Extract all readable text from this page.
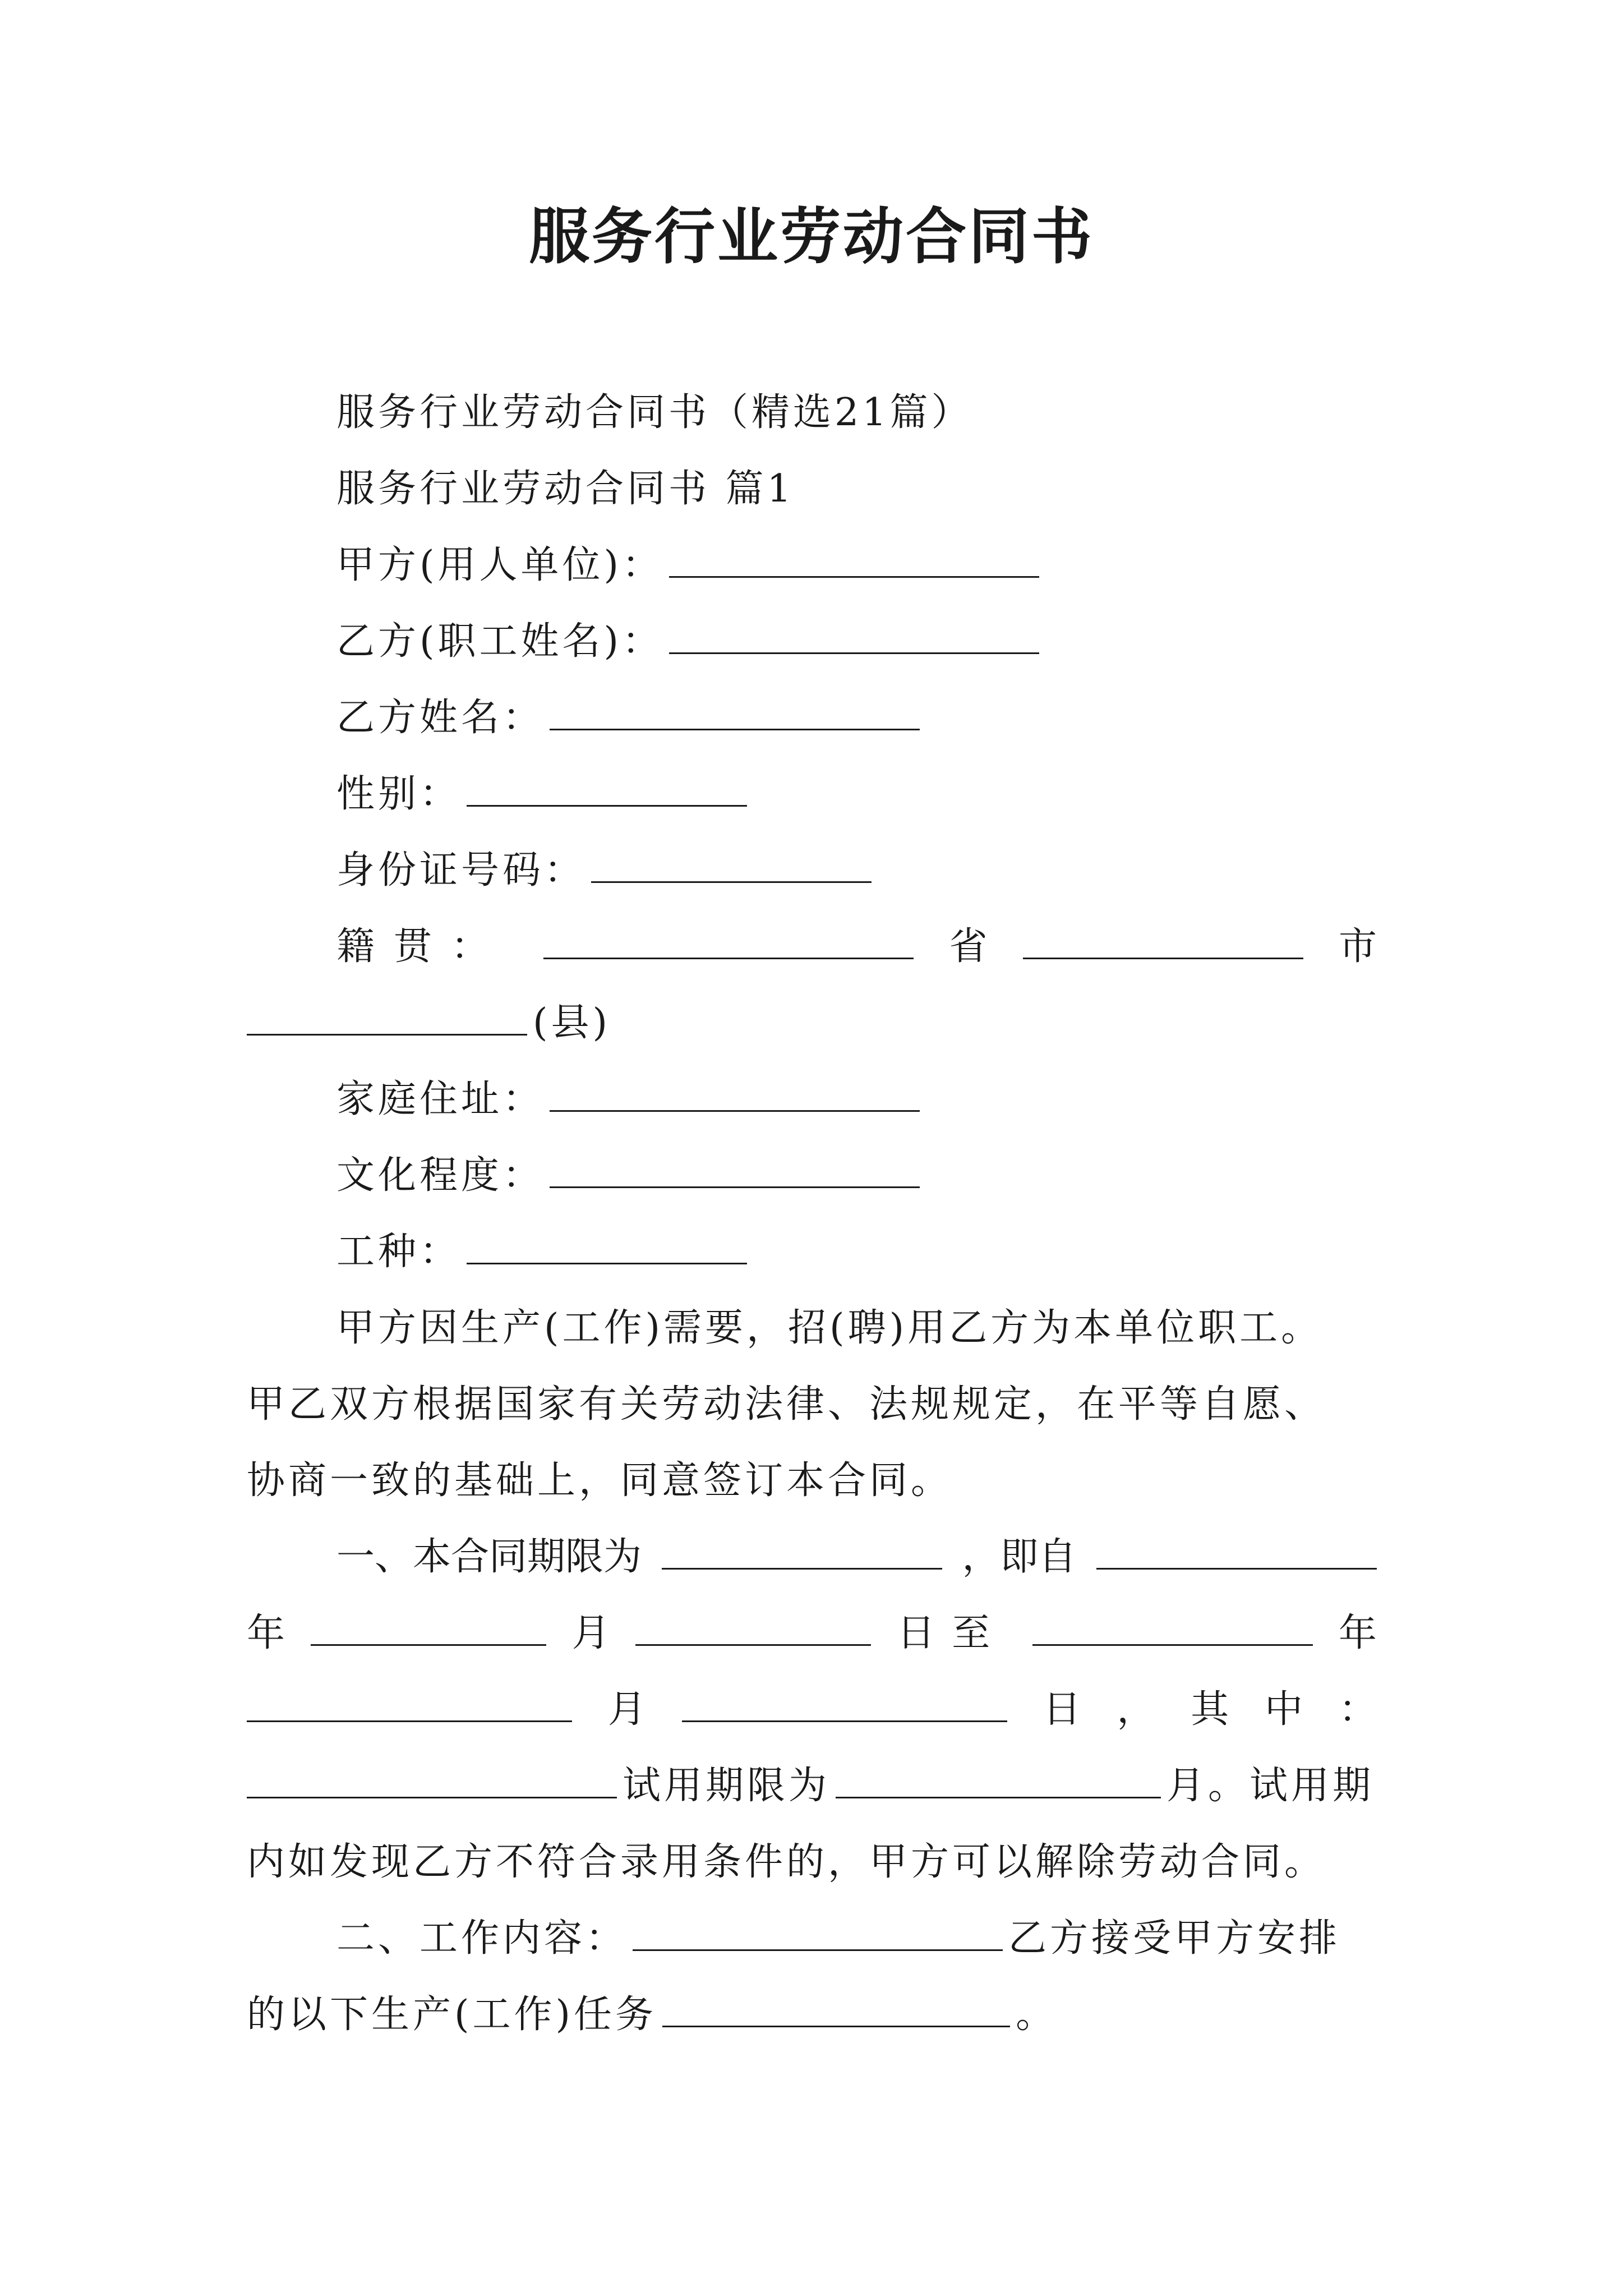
服务行业劳动合同书
服务行业劳动合同书（精选21篇）
服务行业劳动合同书 篇1
甲方(用人单位)：
乙方(职工姓名)：
乙方姓名：
性别：
身份证号码：
籍贯：	省	市
(县)
家庭住址：
文化程度：
工种：
甲方因生产(工作)需要，招(聘)用乙方为本单位职工。
甲乙双方根据国家有关劳动法律、法规规定，在平等自愿、
协商一致的基础上，同意签订本合同。
一、本合同期限为	，即自
年	月	日至	年
月	日 ， 其 中 ：
试用期限为	月。试用期
内如发现乙方不符合录用条件的，甲方可以解除劳动合同。
二、工作内容：	乙方接受甲方安排
的以下生产(工作)任务	。
